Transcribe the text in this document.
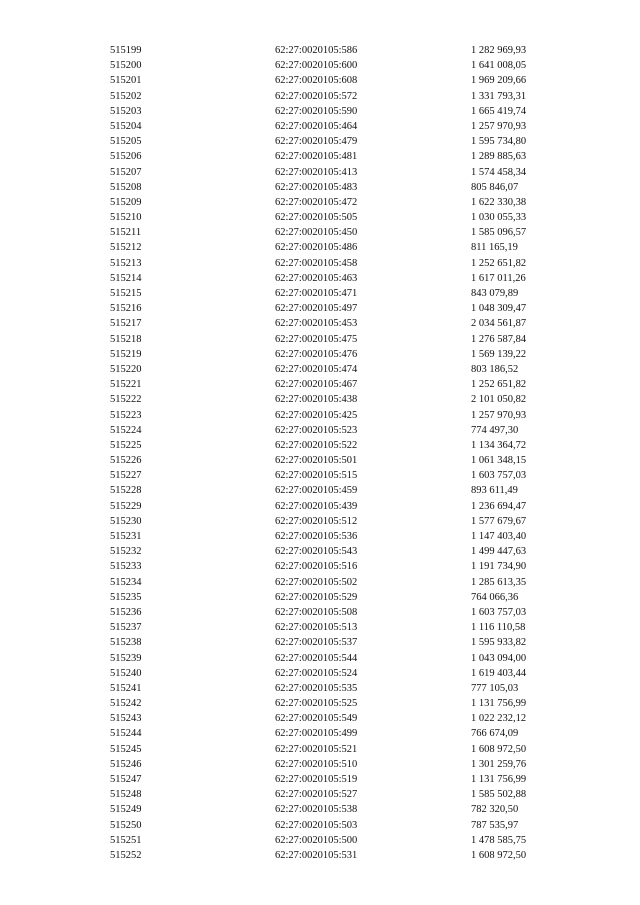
515199	62:27:0020105:586	1 282 969,93
515200	62:27:0020105:600	1 641 008,05
515201	62:27:0020105:608	1 969 209,66
515202	62:27:0020105:572	1 331 793,31
515203	62:27:0020105:590	1 665 419,74
515204	62:27:0020105:464	1 257 970,93
515205	62:27:0020105:479	1 595 734,80
515206	62:27:0020105:481	1 289 885,63
515207	62:27:0020105:413	1 574 458,34
515208	62:27:0020105:483	805 846,07
515209	62:27:0020105:472	1 622 330,38
515210	62:27:0020105:505	1 030 055,33
515211	62:27:0020105:450	1 585 096,57
515212	62:27:0020105:486	811 165,19
515213	62:27:0020105:458	1 252 651,82
515214	62:27:0020105:463	1 617 011,26
515215	62:27:0020105:471	843 079,89
515216	62:27:0020105:497	1 048 309,47
515217	62:27:0020105:453	2 034 561,87
515218	62:27:0020105:475	1 276 587,84
515219	62:27:0020105:476	1 569 139,22
515220	62:27:0020105:474	803 186,52
515221	62:27:0020105:467	1 252 651,82
515222	62:27:0020105:438	2 101 050,82
515223	62:27:0020105:425	1 257 970,93
515224	62:27:0020105:523	774 497,30
515225	62:27:0020105:522	1 134 364,72
515226	62:27:0020105:501	1 061 348,15
515227	62:27:0020105:515	1 603 757,03
515228	62:27:0020105:459	893 611,49
515229	62:27:0020105:439	1 236 694,47
515230	62:27:0020105:512	1 577 679,67
515231	62:27:0020105:536	1 147 403,40
515232	62:27:0020105:543	1 499 447,63
515233	62:27:0020105:516	1 191 734,90
515234	62:27:0020105:502	1 285 613,35
515235	62:27:0020105:529	764 066,36
515236	62:27:0020105:508	1 603 757,03
515237	62:27:0020105:513	1 116 110,58
515238	62:27:0020105:537	1 595 933,82
515239	62:27:0020105:544	1 043 094,00
515240	62:27:0020105:524	1 619 403,44
515241	62:27:0020105:535	777 105,03
515242	62:27:0020105:525	1 131 756,99
515243	62:27:0020105:549	1 022 232,12
515244	62:27:0020105:499	766 674,09
515245	62:27:0020105:521	1 608 972,50
515246	62:27:0020105:510	1 301 259,76
515247	62:27:0020105:519	1 131 756,99
515248	62:27:0020105:527	1 585 502,88
515249	62:27:0020105:538	782 320,50
515250	62:27:0020105:503	787 535,97
515251	62:27:0020105:500	1 478 585,75
515252	62:27:0020105:531	1 608 972,50
